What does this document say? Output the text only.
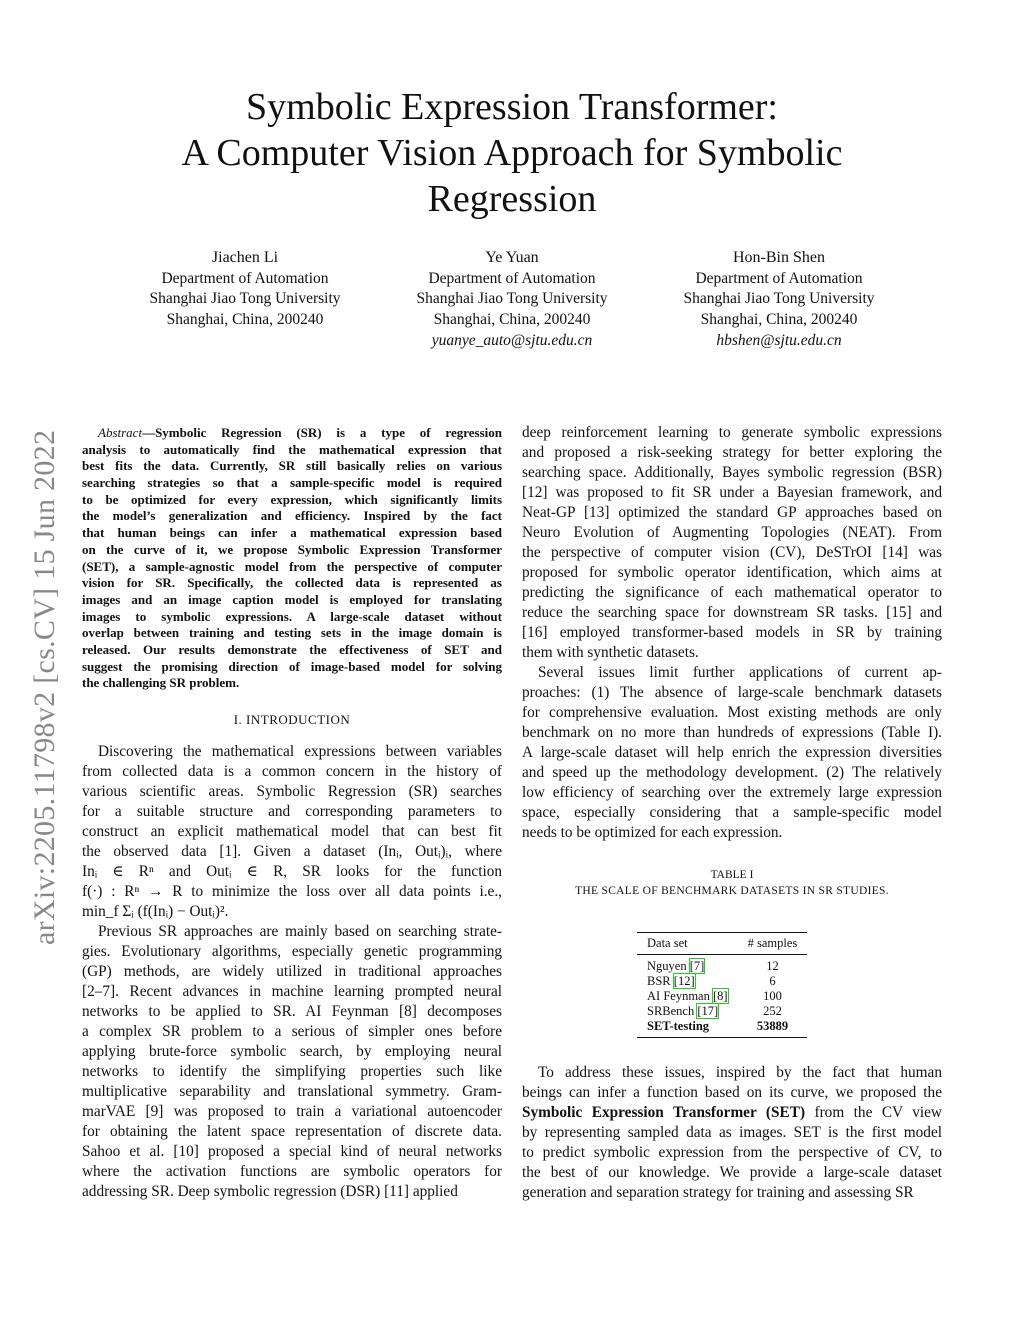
arXiv:2205.11798v2 [cs.CV] 15 Jun 2022
Symbolic Expression Transformer:
A Computer Vision Approach for Symbolic
Regression
Jiachen Li
Department of Automation
Shanghai Jiao Tong University
Shanghai, China, 200240
Ye Yuan
Department of Automation
Shanghai Jiao Tong University
Shanghai, China, 200240
yuanye_auto@sjtu.edu.cn
Hon-Bin Shen
Department of Automation
Shanghai Jiao Tong University
Shanghai, China, 200240
hbshen@sjtu.edu.cn
Abstract—Symbolic Regression (SR) is a type of regression
analysis to automatically find the mathematical expression that
best fits the data. Currently, SR still basically relies on various
searching strategies so that a sample-specific model is required
to be optimized for every expression, which significantly limits
the model’s generalization and efficiency. Inspired by the fact
that human beings can infer a mathematical expression based
on the curve of it, we propose Symbolic Expression Transformer
(SET), a sample-agnostic model from the perspective of computer
vision for SR. Specifically, the collected data is represented as
images and an image caption model is employed for translating
images to symbolic expressions. A large-scale dataset without
overlap between training and testing sets in the image domain is
released. Our results demonstrate the effectiveness of SET and
suggest the promising direction of image-based model for solving
the challenging SR problem.
I. INTRODUCTION
Discovering the mathematical expressions between variables
from collected data is a common concern in the history of
various scientific areas. Symbolic Regression (SR) searches
for a suitable structure and corresponding parameters to
construct an explicit mathematical model that can best fit
the observed data [1]. Given a dataset (Inᵢ, Outᵢ)ᵢ, where
Inᵢ ∈ Rⁿ and Outᵢ ∈ R, SR looks for the function
f(·) : Rⁿ → R to minimize the loss over all data points i.e.,
min_f Σᵢ (f(Inᵢ) − Outᵢ)².
Previous SR approaches are mainly based on searching strate-
gies. Evolutionary algorithms, especially genetic programming
(GP) methods, are widely utilized in traditional approaches
[2–7]. Recent advances in machine learning prompted neural
networks to be applied to SR. AI Feynman [8] decomposes
a complex SR problem to a serious of simpler ones before
applying brute-force symbolic search, by employing neural
networks to identify the simplifying properties such like
multiplicative separability and translational symmetry. Gram-
marVAE [9] was proposed to train a variational autoencoder
for obtaining the latent space representation of discrete data.
Sahoo et al. [10] proposed a special kind of neural networks
where the activation functions are symbolic operators for
addressing SR. Deep symbolic regression (DSR) [11] applied
deep reinforcement learning to generate symbolic expressions
and proposed a risk-seeking strategy for better exploring the
searching space. Additionally, Bayes symbolic regression (BSR)
[12] was proposed to fit SR under a Bayesian framework, and
Neat-GP [13] optimized the standard GP approaches based on
Neuro Evolution of Augmenting Topologies (NEAT). From
the perspective of computer vision (CV), DeSTrOI [14] was
proposed for symbolic operator identification, which aims at
predicting the significance of each mathematical operator to
reduce the searching space for downstream SR tasks. [15] and
[16] employed transformer-based models in SR by training
them with synthetic datasets.
Several issues limit further applications of current ap-
proaches: (1) The absence of large-scale benchmark datasets
for comprehensive evaluation. Most existing methods are only
benchmark on no more than hundreds of expressions (Table I).
A large-scale dataset will help enrich the expression diversities
and speed up the methodology development. (2) The relatively
low efficiency of searching over the extremely large expression
space, especially considering that a sample-specific model
needs to be optimized for each expression.
TABLE I
THE SCALE OF BENCHMARK DATASETS IN SR STUDIES.
Data set	# samples
Nguyen [7]	12
BSR [12]	6
AI Feynman [8]	100
SRBench [17]	252
SET-testing	53889
To address these issues, inspired by the fact that human
beings can infer a function based on its curve, we proposed the
Symbolic Expression Transformer (SET) from the CV view
by representing sampled data as images. SET is the first model
to predict symbolic expression from the perspective of CV, to
the best of our knowledge. We provide a large-scale dataset
generation and separation strategy for training and assessing SR
